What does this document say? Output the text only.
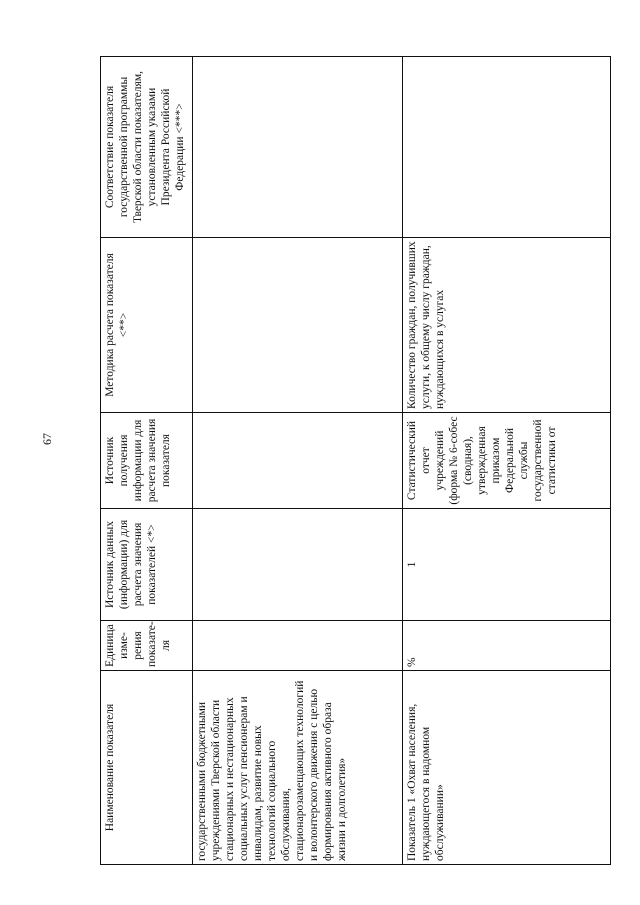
67
Наименование показателя	Единица изме-рения показате-ля	Источник данных (информации) для расчета значения показателей <*>	Источник получения информации для расчета значения показателя	Методика расчета показателя <**>	Соответствие показателя государственной программы Тверской области показателям, установленным указами Президента Российской Федерации <***>
государственными бюджетными учреждениями Тверской области стационарных и нестационарных социальных услуг пенсионерам и инвалидам, развитие новых технологий социального обслуживания, стационарозамещающих технологий и волонтерского движения с целью формирования активного образа жизни и долголетия»					
Показатель 1 «Охват населения, нуждающегося в надомном обслуживании»	%	1	Статистический отчет учреждений (форма № 6-собес (сводная), утвержденная приказом Федеральной службы государственной статистики от	Количество граждан, получивших услуги, к общему числу граждан, нуждающихся в услугах	
